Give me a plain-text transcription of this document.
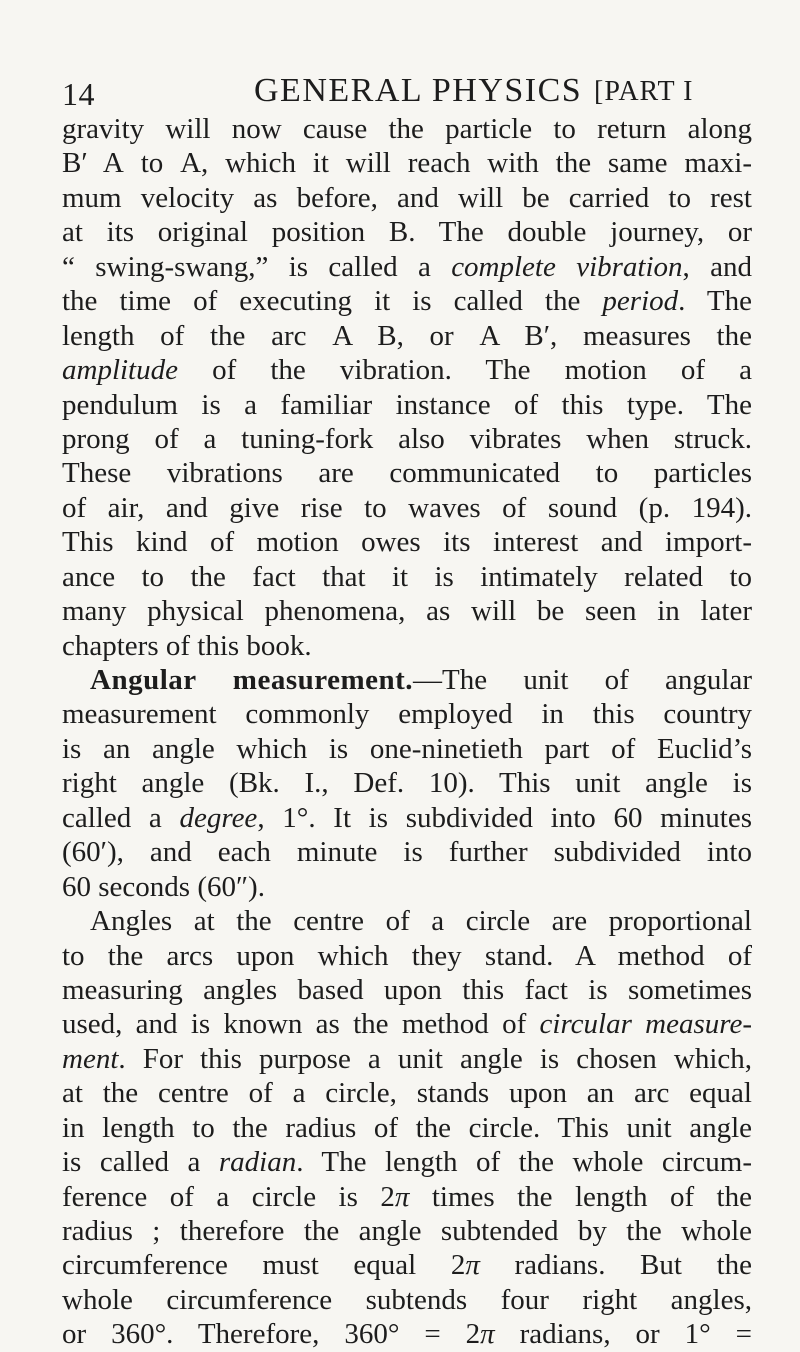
14	GENERAL PHYSICS [PART I
gravity will now cause the particle to return along
B′ A to A, which it will reach with the same maxi-
mum velocity as before, and will be carried to rest
at its original position B. The double journey, or
“ swing-swang,” is called a complete vibration, and
the time of executing it is called the period. The
length of the arc A B, or A B′, measures the
amplitude of the vibration. The motion of a
pendulum is a familiar instance of this type. The
prong of a tuning-fork also vibrates when struck.
These vibrations are communicated to particles
of air, and give rise to waves of sound (p. 194).
This kind of motion owes its interest and import-
ance to the fact that it is intimately related to
many physical phenomena, as will be seen in later
chapters of this book.
Angular measurement.—The unit of angular
measurement commonly employed in this country
is an angle which is one-ninetieth part of Euclid’s
right angle (Bk. I., Def. 10). This unit angle is
called a degree, 1°. It is subdivided into 60 minutes
(60′), and each minute is further subdivided into
60 seconds (60″).
Angles at the centre of a circle are proportional
to the arcs upon which they stand. A method of
measuring angles based upon this fact is sometimes
used, and is known as the method of circular measure-
ment. For this purpose a unit angle is chosen which,
at the centre of a circle, stands upon an arc equal
in length to the radius of the circle. This unit angle
is called a radian. The length of the whole circum-
ference of a circle is 2π times the length of the
radius ; therefore the angle subtended by the whole
circumference must equal 2π radians. But the
whole circumference subtends four right angles,
or 360°. Therefore, 360° = 2π radians, or 1° =
